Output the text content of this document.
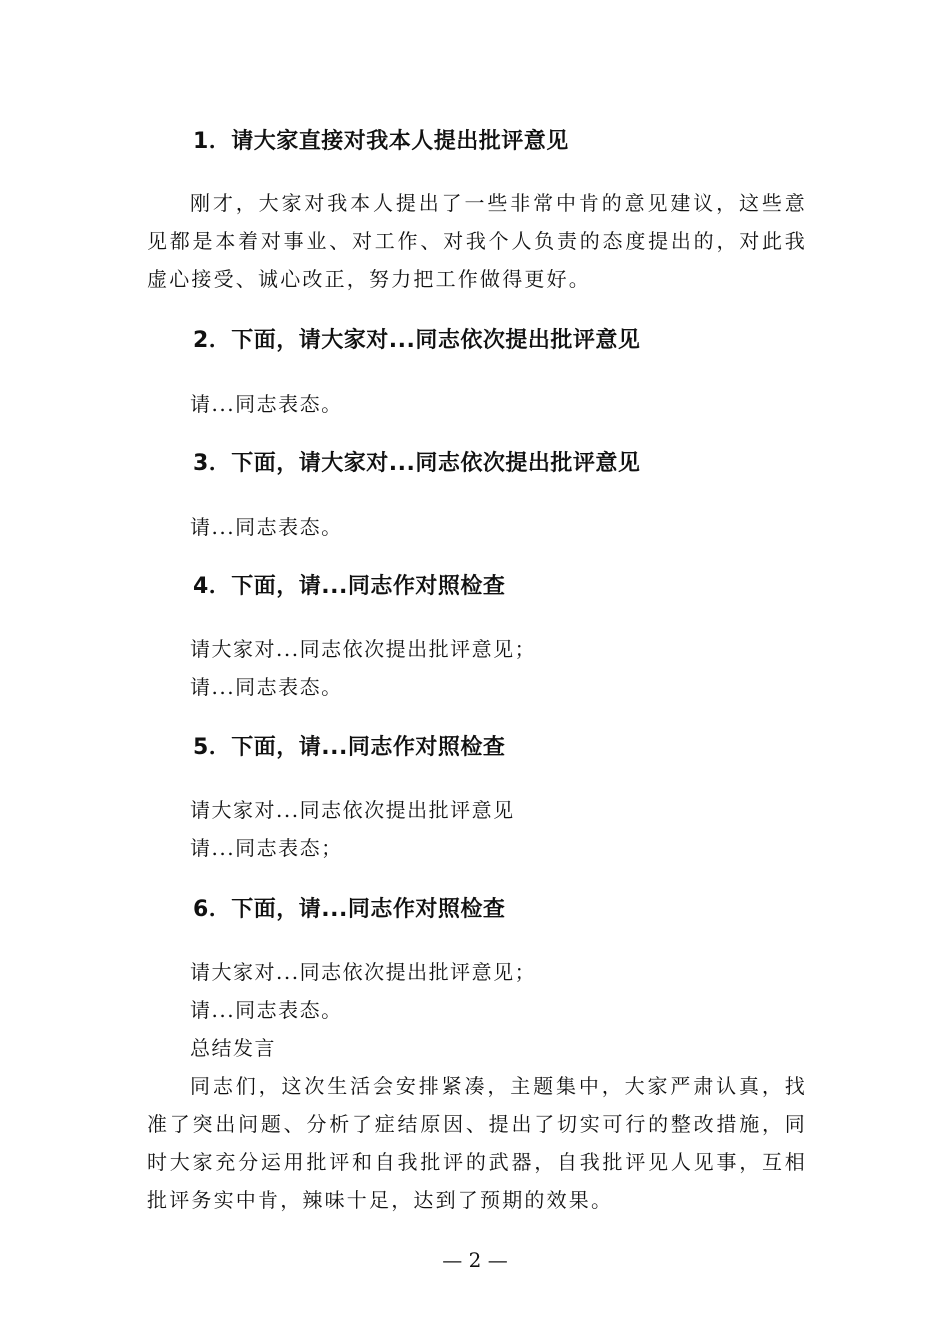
1．请大家直接对我本人提出批评意见

刚才，大家对我本人提出了一些非常中肯的意见建议，这些意见都是本着对事业、对工作、对我个人负责的态度提出的，对此我虚心接受、诚心改正，努力把工作做得更好。

2．下面，请大家对...同志依次提出批评意见

请...同志表态。

3．下面，请大家对...同志依次提出批评意见

请...同志表态。

4．下面，请...同志作对照检查

请大家对...同志依次提出批评意见；

请...同志表态。

5．下面，请...同志作对照检查

请大家对...同志依次提出批评意见

请...同志表态；

6．下面，请...同志作对照检查

请大家对...同志依次提出批评意见；

请...同志表态。

总结发言

同志们，这次生活会安排紧凑，主题集中，大家严肃认真，找准了突出问题、分析了症结原因、提出了切实可行的整改措施，同时大家充分运用批评和自我批评的武器，自我批评见人见事，互相批评务实中肯，辣味十足，达到了预期的效果。

— 2 —
